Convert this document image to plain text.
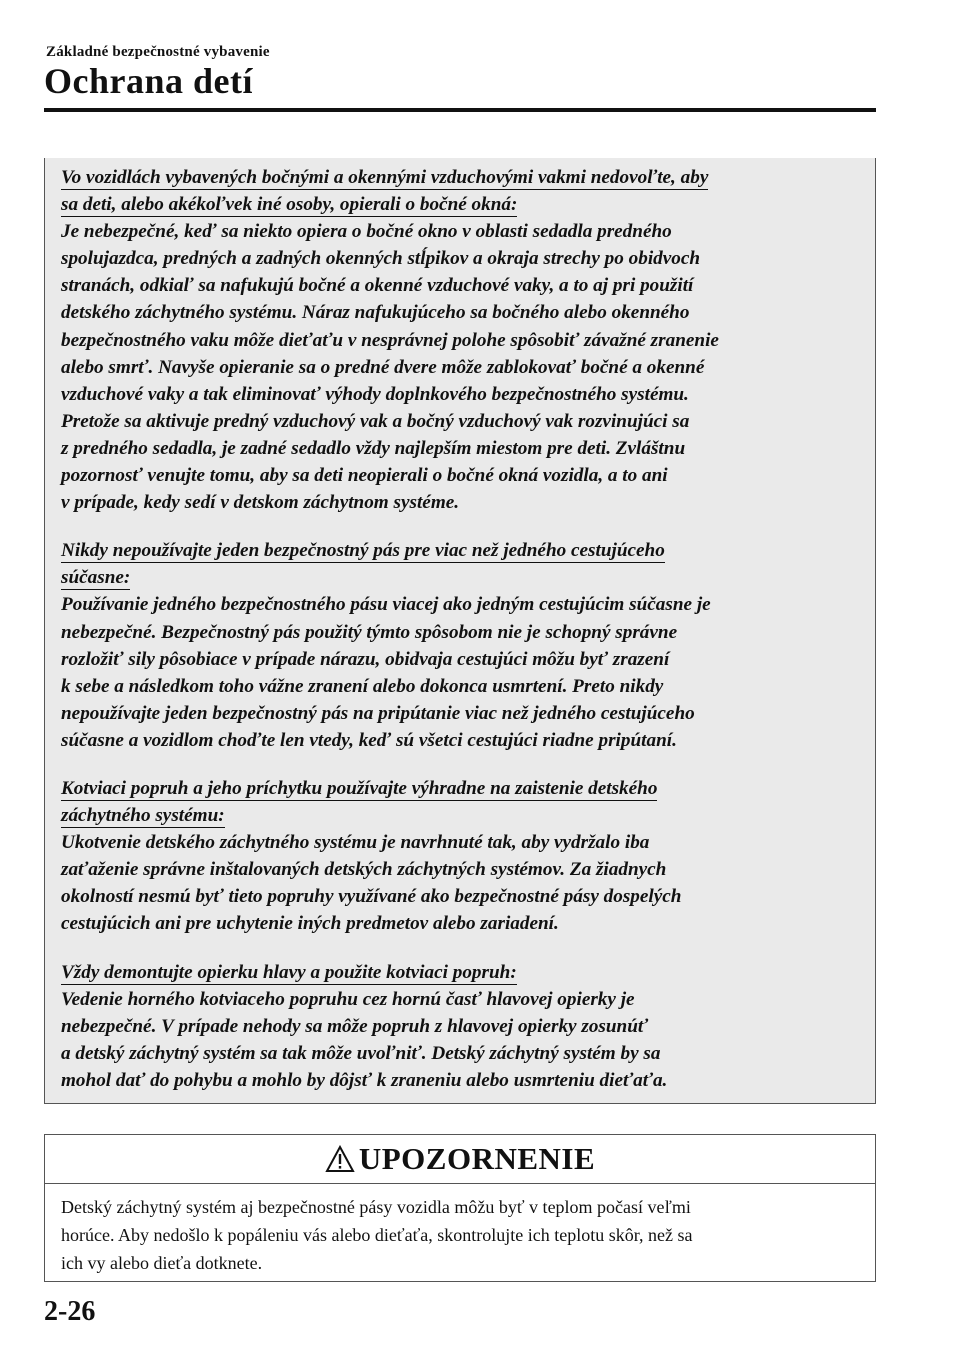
Základné bezpečnostné vybavenie
Ochrana detí

Vo vozidlách vybavených bočnými a okennými vzduchovými vakmi nedovoľte, aby
sa deti, alebo akékoľvek iné osoby, opierali o bočné okná:

Je nebezpečné, keď sa niekto opiera o bočné okno v oblasti sedadla predného
spolujazdca, predných a zadných okenných stĺpikov a okraja strechy po obidvoch
stranách, odkiaľ sa nafukujú bočné a okenné vzduchové vaky, a to aj pri použití
detského záchytného systému. Náraz nafukujúceho sa bočného alebo okenného
bezpečnostného vaku môže dieťaťu v nesprávnej polohe spôsobiť závažné zranenie
alebo smrť. Navyše opieranie sa o predné dvere môže zablokovať bočné a okenné
vzduchové vaky a tak eliminovať výhody doplnkového bezpečnostného systému.
Pretože sa aktivuje predný vzduchový vak a bočný vzduchový vak rozvinujúci sa
z predného sedadla, je zadné sedadlo vždy najlepším miestom pre deti. Zvláštnu
pozornosť venujte tomu, aby sa deti neopierali o bočné okná vozidla, a to ani
v prípade, kedy sedí v detskom záchytnom systéme.

Nikdy nepoužívajte jeden bezpečnostný pás pre viac než jedného cestujúceho
súčasne:

Používanie jedného bezpečnostného pásu viacej ako jedným cestujúcim súčasne je
nebezpečné. Bezpečnostný pás použitý týmto spôsobom nie je schopný správne
rozložiť sily pôsobiace v prípade nárazu, obidvaja cestujúci môžu byť zrazení
k sebe a následkom toho vážne zranení alebo dokonca usmrtení. Preto nikdy
nepoužívajte jeden bezpečnostný pás na pripútanie viac než jedného cestujúceho
súčasne a vozidlom choďte len vtedy, keď sú všetci cestujúci riadne pripútaní.

Kotviaci popruh a jeho príchytku používajte výhradne na zaistenie detského
záchytného systému:

Ukotvenie detského záchytného systému je navrhnuté tak, aby vydržalo iba
zaťaženie správne inštalovaných detských záchytných systémov. Za žiadnych
okolností nesmú byť tieto popruhy využívané ako bezpečnostné pásy dospelých
cestujúcich ani pre uchytenie iných predmetov alebo zariadení.

Vždy demontujte opierku hlavy a použite kotviaci popruh:

Vedenie horného kotviaceho popruhu cez hornú časť hlavovej opierky je
nebezpečné. V prípade nehody sa môže popruh z hlavovej opierky zosunúť
a detský záchytný systém sa tak môže uvoľniť. Detský záchytný systém by sa
mohol dať do pohybu a mohlo by dôjsť k zraneniu alebo usmrteniu dieťaťa.

UPOZORNENIE

Detský záchytný systém aj bezpečnostné pásy vozidla môžu byť v teplom počasí veľmi
horúce. Aby nedošlo k popáleniu vás alebo dieťaťa, skontrolujte ich teplotu skôr, než sa
ich vy alebo dieťa dotknete.

2-26
